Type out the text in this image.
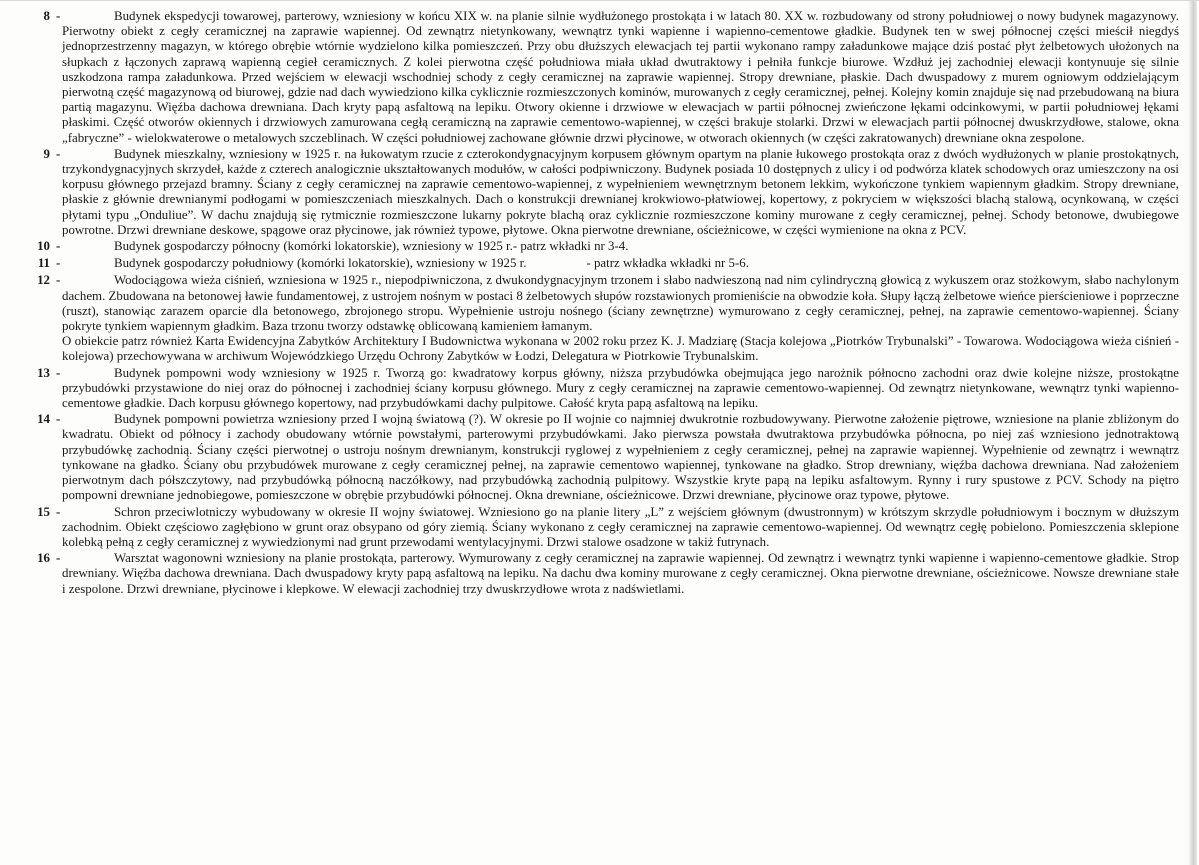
8 -	Budynek ekspedycji towarowej, parterowy, wzniesiony w końcu XIX w. na planie silnie wydłużonego prostokąta i w latach 80. XX w. rozbudowany od strony południowej o nowy budynek magazynowy. Pierwotny obiekt z cegły ceramicznej na zaprawie wapiennej. Od zewnątrz nietynkowany, wewnątrz tynki wapienne i wapienno-cementowe gładkie. Budynek ten w swej północnej części mieścił niegdyś jednoprzestrzenny magazyn, w którego obrębie wtórnie wydzielono kilka pomieszczeń. Przy obu dłuższych elewacjach tej partii wykonano rampy załadunkowe mające dziś postać płyt żelbetowych ułożonych na słupkach z łączonych zaprawą wapienną cegieł ceramicznych. Z kolei pierwotna część południowa miała układ dwutraktowy i pełniła funkcje biurowe. Wzdłuż jej zachodniej elewacji kontynuuje się silnie uszkodzona rampa załadunkowa. Przed wejściem w elewacji wschodniej schody z cegły ceramicznej na zaprawie wapiennej. Stropy drewniane, płaskie. Dach dwuspadowy z murem ogniowym oddzielającym pierwotną część magazynową od biurowej, gdzie nad dach wywiedziono kilka cyklicznie rozmieszczonych kominów, murowanych z cegły ceramicznej, pełnej. Kolejny komin znajduje się nad przebudowaną na biura partią magazynu. Więźba dachowa drewniana. Dach kryty papą asfaltową na lepiku. Otwory okienne i drzwiowe w elewacjach w partii północnej zwieńczone łękami odcinkowymi, w partii południowej łękami płaskimi. Część otworów okiennych i drzwiowych zamurowana cegłą ceramiczną na zaprawie cementowo-wapiennej, w części brakuje stolarki. Drzwi w elewacjach partii północnej dwuskrzydłowe, stalowe, okna „fabryczne” - wielokwaterowe o metalowych szczeblinach. W części południowej zachowane głównie drzwi płycinowe, w otworach okiennych (w części zakratowanych) drewniane okna zespolone.
9 -	Budynek mieszkalny, wzniesiony w 1925 r. na łukowatym rzucie z czterokondygnacyjnym korpusem głównym opartym na planie łukowego prostokąta oraz z dwóch wydłużonych w planie prostokątnych, trzykondygnacyjnych skrzydeł, każde z czterech analogicznie ukształtowanych modułów, w całości podpiwniczony. Budynek posiada 10 dostępnych z ulicy i od podwórza klatek schodowych oraz umieszczony na osi korpusu głównego przejazd bramny. Ściany z cegły ceramicznej na zaprawie cementowo-wapiennej, z wypełnieniem wewnętrznym betonem lekkim, wykończone tynkiem wapiennym gładkim. Stropy drewniane, płaskie z głównie drewnianymi podłogami w pomieszczeniach mieszkalnych. Dach o konstrukcji drewnianej krokwiowo-płatwiowej, kopertowy, z pokryciem w większości blachą stalową, ocynkowaną, w części płytami typu „Onduliue”. W dachu znajdują się rytmicznie rozmieszczone lukarny pokryte blachą oraz cyklicznie rozmieszczone kominy murowane z cegły ceramicznej, pełnej. Schody betonowe, dwubiegowe powrotne. Drzwi drewniane deskowe, spągowe oraz płycinowe, jak również typowe, płytowe. Okna pierwotne drewniane, ościeżnicowe, w części wymienione na okna z PCV.
10 -	Budynek gospodarczy północny (komórki lokatorskie), wzniesiony w 1925 r.- patrz wkładki nr 3-4.
11 -	Budynek gospodarczy południowy (komórki lokatorskie), wzniesiony w 1925 r.	- patrz wkładka wkładki nr 5-6.
12 -	Wodociągowa wieża ciśnień, wzniesiona w 1925 r., niepodpiwniczona, z dwukondygnacyjnym trzonem i słabo nadwieszoną nad nim cylindryczną głowicą z wykuszem oraz stożkowym, słabo nachylonym dachem. Zbudowana na betonowej ławie fundamentowej, z ustrojem nośnym w postaci 8 żelbetowych słupów rozstawionych promieniście na obwodzie koła. Słupy łączą żelbetowe wieńce pierścieniowe i poprzeczne (ruszt), stanowiąc zarazem oparcie dla betonowego, zbrojonego stropu. Wypełnienie ustroju nośnego (ściany zewnętrzne) wymurowano z cegły ceramicznej, pełnej, na zaprawie cementowo-wapiennej. Ściany pokryte tynkiem wapiennym gładkim. Baza trzonu tworzy odstawkę oblicowaną kamieniem łamanym.
O obiekcie patrz również Karta Ewidencyjna Zabytków Architektury I Budownictwa wykonana w 2002 roku przez K. J. Madziarę (Stacja kolejowa „Piotrków Trybunalski” - Towarowa. Wodociągowa wieża ciśnień - kolejowa) przechowywana w archiwum Wojewódzkiego Urzędu Ochrony Zabytków w Łodzi, Delegatura w Piotrkowie Trybunalskim.
13 -	Budynek pompowni wody wzniesiony w 1925 r. Tworzą go: kwadratowy korpus główny, niższa przybudówka obejmująca jego narożnik północno zachodni oraz dwie kolejne niższe, prostokątne przybudówki przystawione do niej oraz do północnej i zachodniej ściany korpusu głównego. Mury z cegły ceramicznej na zaprawie cementowo-wapiennej. Od zewnątrz nietynkowane, wewnątrz tynki wapienno-cementowe gładkie. Dach korpusu głównego kopertowy, nad przybudówkami dachy pulpitowe. Całość kryta papą asfaltową na lepiku.
14 -	Budynek pompowni powietrza wzniesiony przed I wojną światową (?). W okresie po II wojnie co najmniej dwukrotnie rozbudowywany. Pierwotne założenie piętrowe, wzniesione na planie zbliżonym do kwadratu. Obiekt od północy i zachody obudowany wtórnie powstałymi, parterowymi przybudówkami. Jako pierwsza powstała dwutraktowa przybudówka północna, po niej zaś wzniesiono jednotraktową przybudówkę zachodnią. Ściany części pierwotnej o ustroju nośnym drewnianym, konstrukcji ryglowej z wypełnieniem z cegły ceramicznej, pełnej na zaprawie wapiennej. Wypełnienie od zewnątrz i wewnątrz tynkowane na gładko. Ściany obu przybudówek murowane z cegły ceramicznej pełnej, na zaprawie cementowo wapiennej, tynkowane na gładko. Strop drewniany, więźba dachowa drewniana. Nad założeniem pierwotnym dach półszczytowy, nad przybudówką północną naczółkowy, nad przybudówką zachodnią pulpitowy. Wszystkie kryte papą na lepiku asfaltowym. Rynny i rury spustowe z PCV. Schody na piętro pompowni drewniane jednobiegowe, pomieszczone w obrębie przybudówki północnej. Okna drewniane, ościeżnicowe. Drzwi drewniane, płycinowe oraz typowe, płytowe.
15 -	Schron przeciwlotniczy wybudowany w okresie II wojny światowej. Wzniesiono go na planie litery „L” z wejściem głównym (dwustronnym) w krótszym skrzydle południowym i bocznym w dłuższym zachodnim. Obiekt częściowo zagłębiono w grunt oraz obsypano od góry ziemią. Ściany wykonano z cegły ceramicznej na zaprawie cementowo-wapiennej. Od wewnątrz cegłę pobielono. Pomieszczenia sklepione kolebką pełną z cegły ceramicznej z wywiedzionymi nad grunt przewodami wentylacyjnymi. Drzwi stalowe osadzone w takiż futrynach.
16 -	Warsztat wagonowni wzniesiony na planie prostokąta, parterowy. Wymurowany z cegły ceramicznej na zaprawie wapiennej. Od zewnątrz i wewnątrz tynki wapienne i wapienno-cementowe gładkie. Strop drewniany. Więźba dachowa drewniana. Dach dwuspadowy kryty papą asfaltową na lepiku. Na dachu dwa kominy murowane z cegły ceramicznej. Okna pierwotne drewniane, ościeżnicowe. Nowsze drewniane stałe i zespolone. Drzwi drewniane, płycinowe i klepkowe. W elewacji zachodniej trzy dwuskrzydłowe wrota z nadświetlami.
